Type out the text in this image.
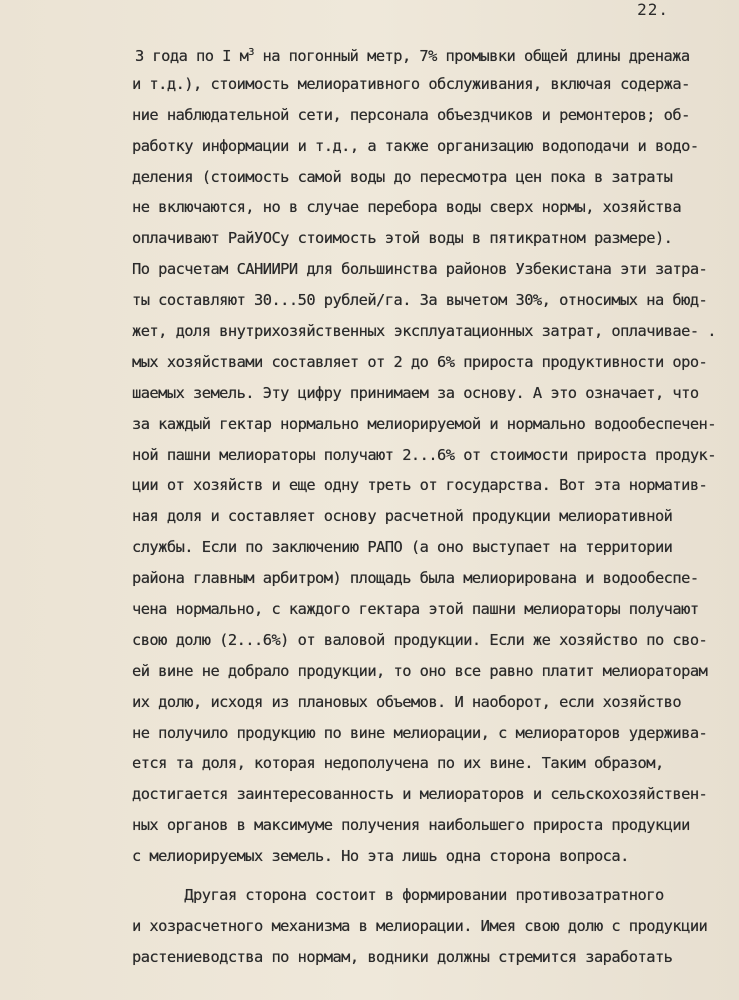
22.
3 года по I $м^3$ на погонный метр, 7% промывки общей длины дренажа
и т.д.), стоимость мелиоративного обслуживания, включая содержа-
ние наблюдательной сети, персонала объездчиков и ремонтеров; об-
работку информации и т.д., а также организацию водоподачи и водо-
деления (стоимость самой воды до пересмотра цен пока в затраты
не включаются, но в случае перебора воды сверх нормы, хозяйства
оплачивают РайУОСу стоимость этой воды в пятикратном размере).
По расчетам САНИИРИ для большинства районов Узбекистана эти затра-
ты составляют 30...50 рублей/га. За вычетом 30%, относимых на бюд-
жет, доля внутрихозяйственных эксплуатационных затрат, оплачивае- .
мых хозяйствами составляет от 2 до 6% прироста продуктивности оро-
шаемых земель. Эту цифру принимаем за основу. А это означает, что
за каждый гектар нормально мелиорируемой и нормально водообеспечен-
ной пашни мелиораторы получают 2...6% от стоимости прироста продук-
ции от хозяйств и еще одну треть от государства. Вот эта норматив-
ная доля и составляет основу расчетной продукции мелиоративной
службы. Если по заключению РАПО (а оно выступает на территории
района главным арбитром) площадь была мелиорирована и водообеспе-
чена нормально, с каждого гектара этой пашни мелиораторы получают
свою долю (2...6%) от валовой продукции. Если же хозяйство по сво-
ей вине не добрало продукции, то оно все равно платит мелиораторам
их долю, исходя из плановых объемов. И наоборот, если хозяйство
не получило продукцию по вине мелиорации, с мелиораторов удержива-
ется та доля, которая недополучена по их вине. Таким образом,
достигается заинтересованность и мелиораторов и сельскохозяйствен-
ных органов в максимуме получения наибольшего прироста продукции
с мелиорируемых земель. Но эта лишь одна сторона вопроса.
Другая сторона состоит в формировании противозатратного
и хозрасчетного механизма в мелиорации. Имея свою долю с продукции
растениеводства по нормам, водники должны стремится заработать
